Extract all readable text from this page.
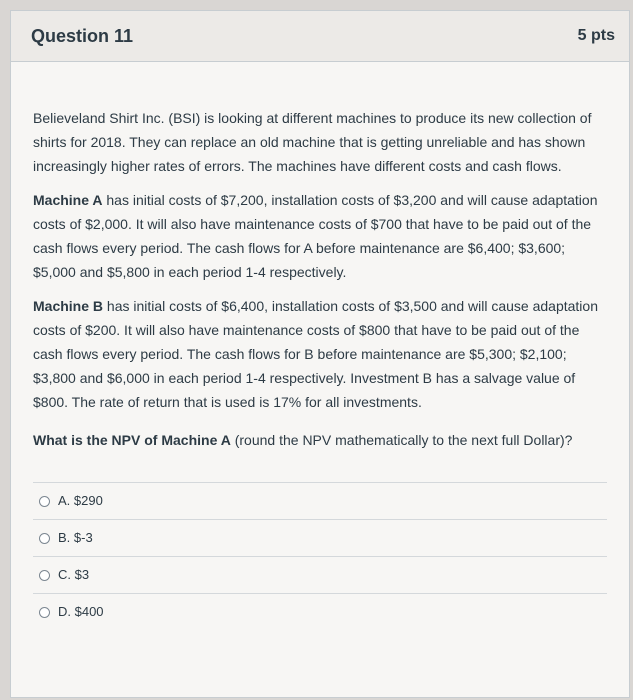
Question 11	5 pts

Believeland Shirt Inc. (BSI) is looking at different machines to produce its new collection of shirts for 2018. They can replace an old machine that is getting unreliable and has shown increasingly higher rates of errors. The machines have different costs and cash flows.

Machine A has initial costs of $7,200, installation costs of $3,200 and will cause adaptation costs of $2,000. It will also have maintenance costs of $700 that have to be paid out of the cash flows every period. The cash flows for A before maintenance are $6,400; $3,600; $5,000 and $5,800 in each period 1-4 respectively.

Machine B has initial costs of $6,400, installation costs of $3,500 and will cause adaptation costs of $200. It will also have maintenance costs of $800 that have to be paid out of the cash flows every period. The cash flows for B before maintenance are $5,300; $2,100; $3,800 and $6,000 in each period 1-4 respectively. Investment B has a salvage value of $800. The rate of return that is used is 17% for all investments.

What is the NPV of Machine A (round the NPV mathematically to the next full Dollar)?

A. $290
B. $-3
C. $3
D. $400
